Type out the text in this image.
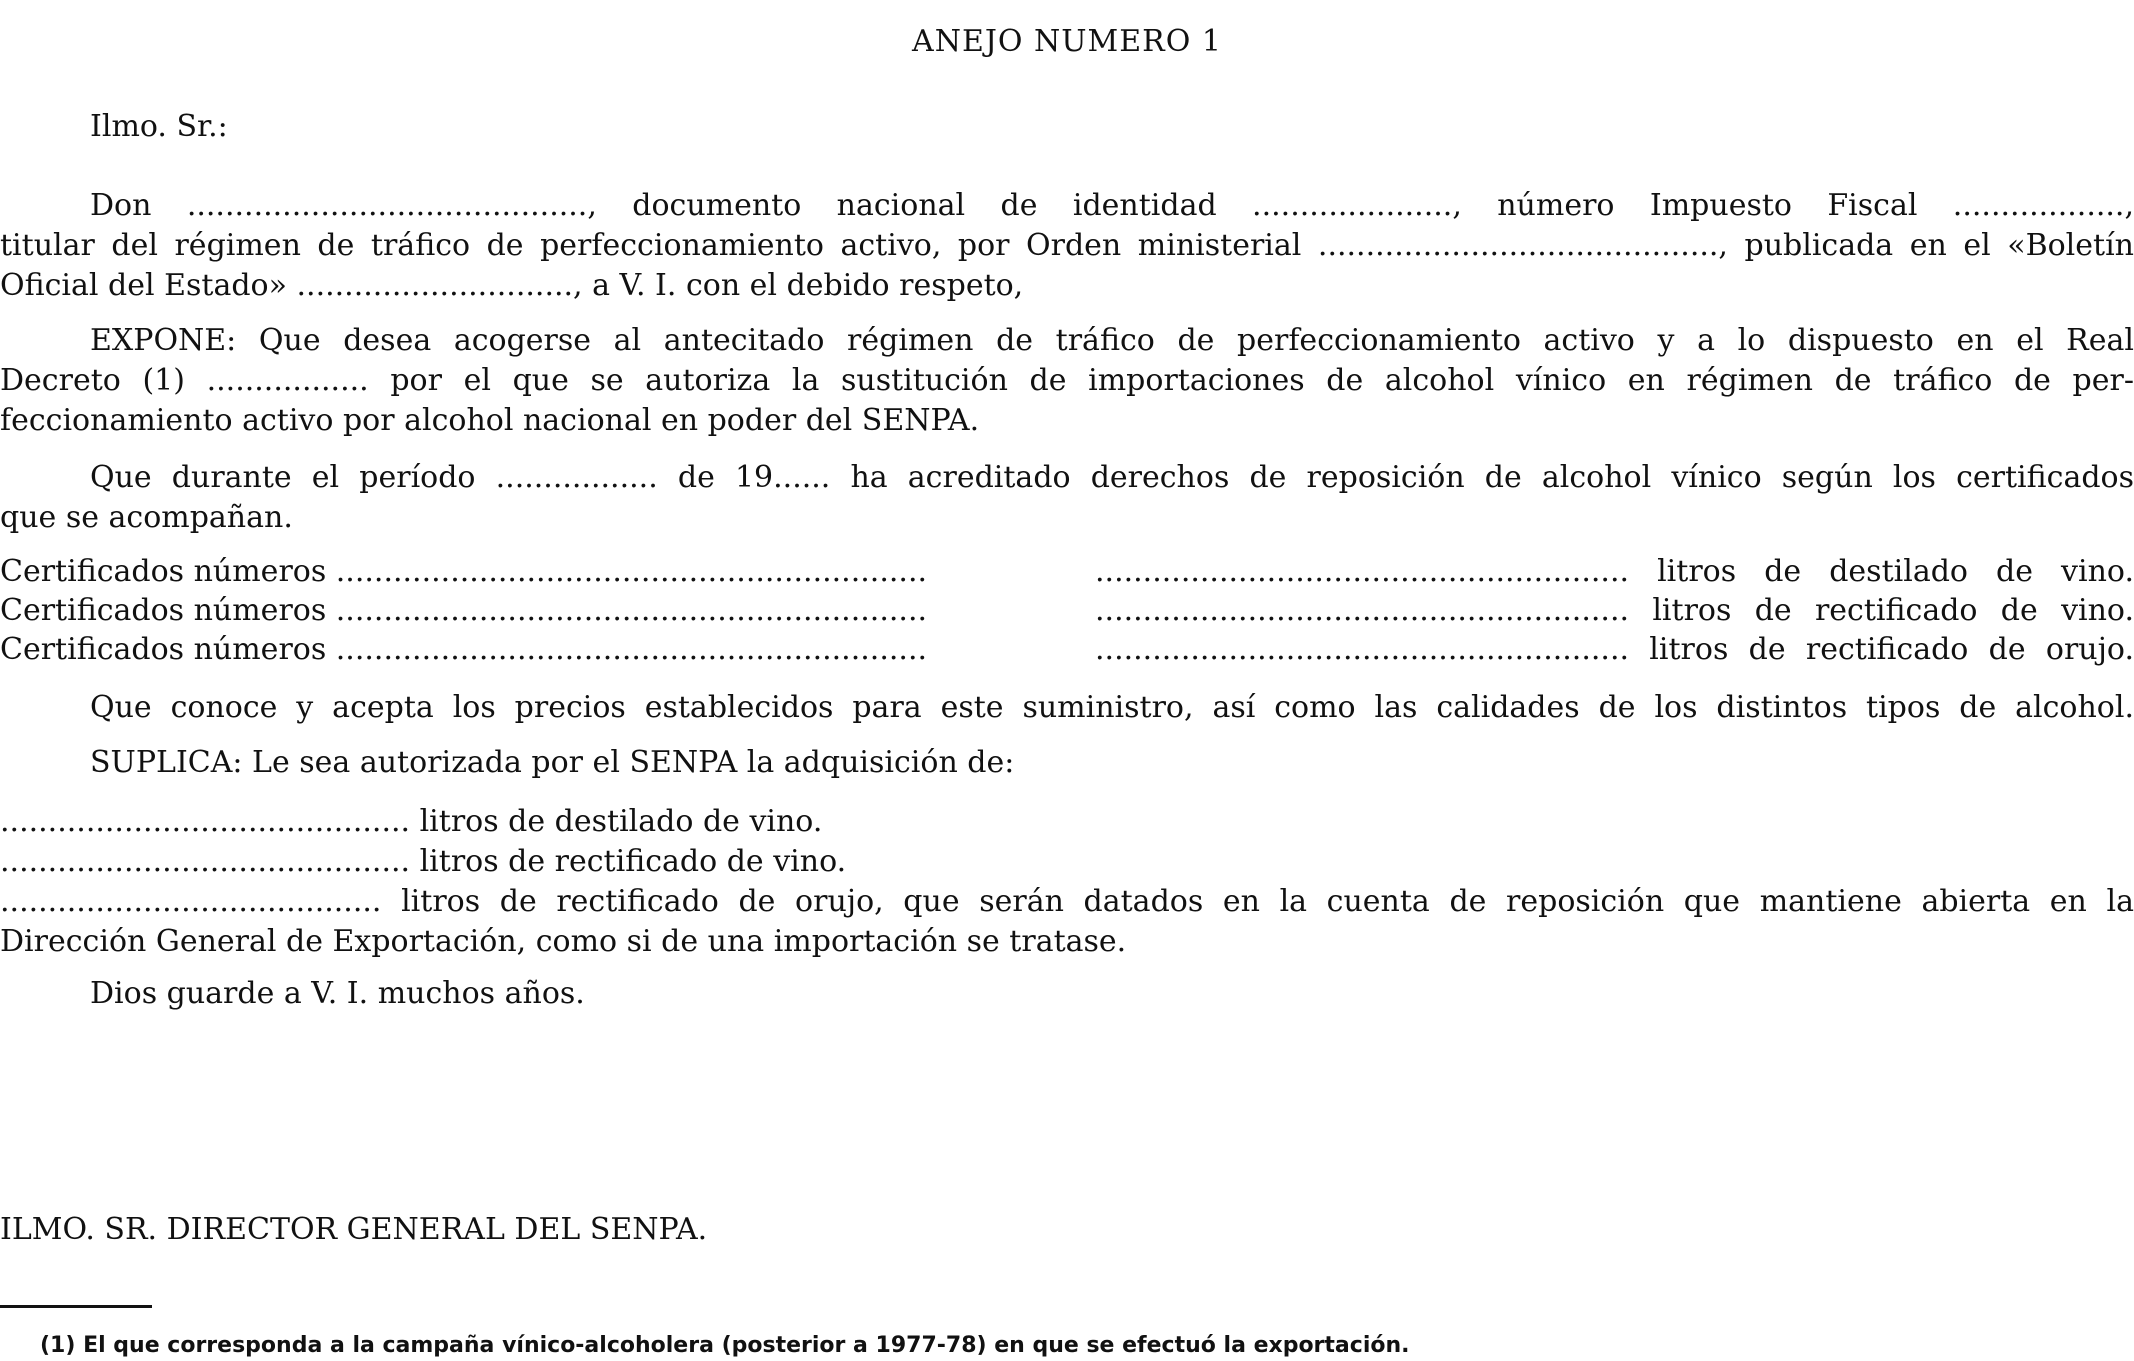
ANEJO NUMERO 1

Ilmo. Sr.:

Don .........................................., documento nacional de identidad ....................., número Impuesto Fiscal ..................,

titular del régimen de tráfico de perfeccionamiento activo, por Orden ministerial .........................................., publicada en el «Boletín

Oficial del Estado» ............................., a V. I. con el debido respeto,

EXPONE: Que desea acogerse al antecitado régimen de tráfico de perfeccionamiento activo y a lo dispuesto en el Real

Decreto (1) ................. por el que se autoriza la sustitución de importaciones de alcohol vínico en régimen de tráfico de per-

feccionamiento activo por alcohol nacional en poder del SENPA.

Que durante el período ................. de 19...... ha acreditado derechos de reposición de alcohol vínico según los certificados

que se acompañan.

Certificados números ..............................................................	........................................................ litros de destilado de vino.
Certificados números ..............................................................	........................................................ litros de rectificado de vino.
Certificados números ..............................................................	........................................................ litros de rectificado de orujo.

Que conoce y acepta los precios establecidos para este suministro, así como las calidades de los distintos tipos de alcohol.

SUPLICA: Le sea autorizada por el SENPA la adquisición de:

........................................... litros de destilado de vino.

........................................... litros de rectificado de vino.

........................................ litros de rectificado de orujo, que serán datados en la cuenta de reposición que mantiene abierta en la

Dirección General de Exportación, como si de una importación se tratase.

Dios guarde a V. I. muchos años.

ILMO. SR. DIRECTOR GENERAL DEL SENPA.

(1) El que corresponda a la campaña vínico-alcoholera (posterior a 1977-78) en que se efectuó la exportación.
